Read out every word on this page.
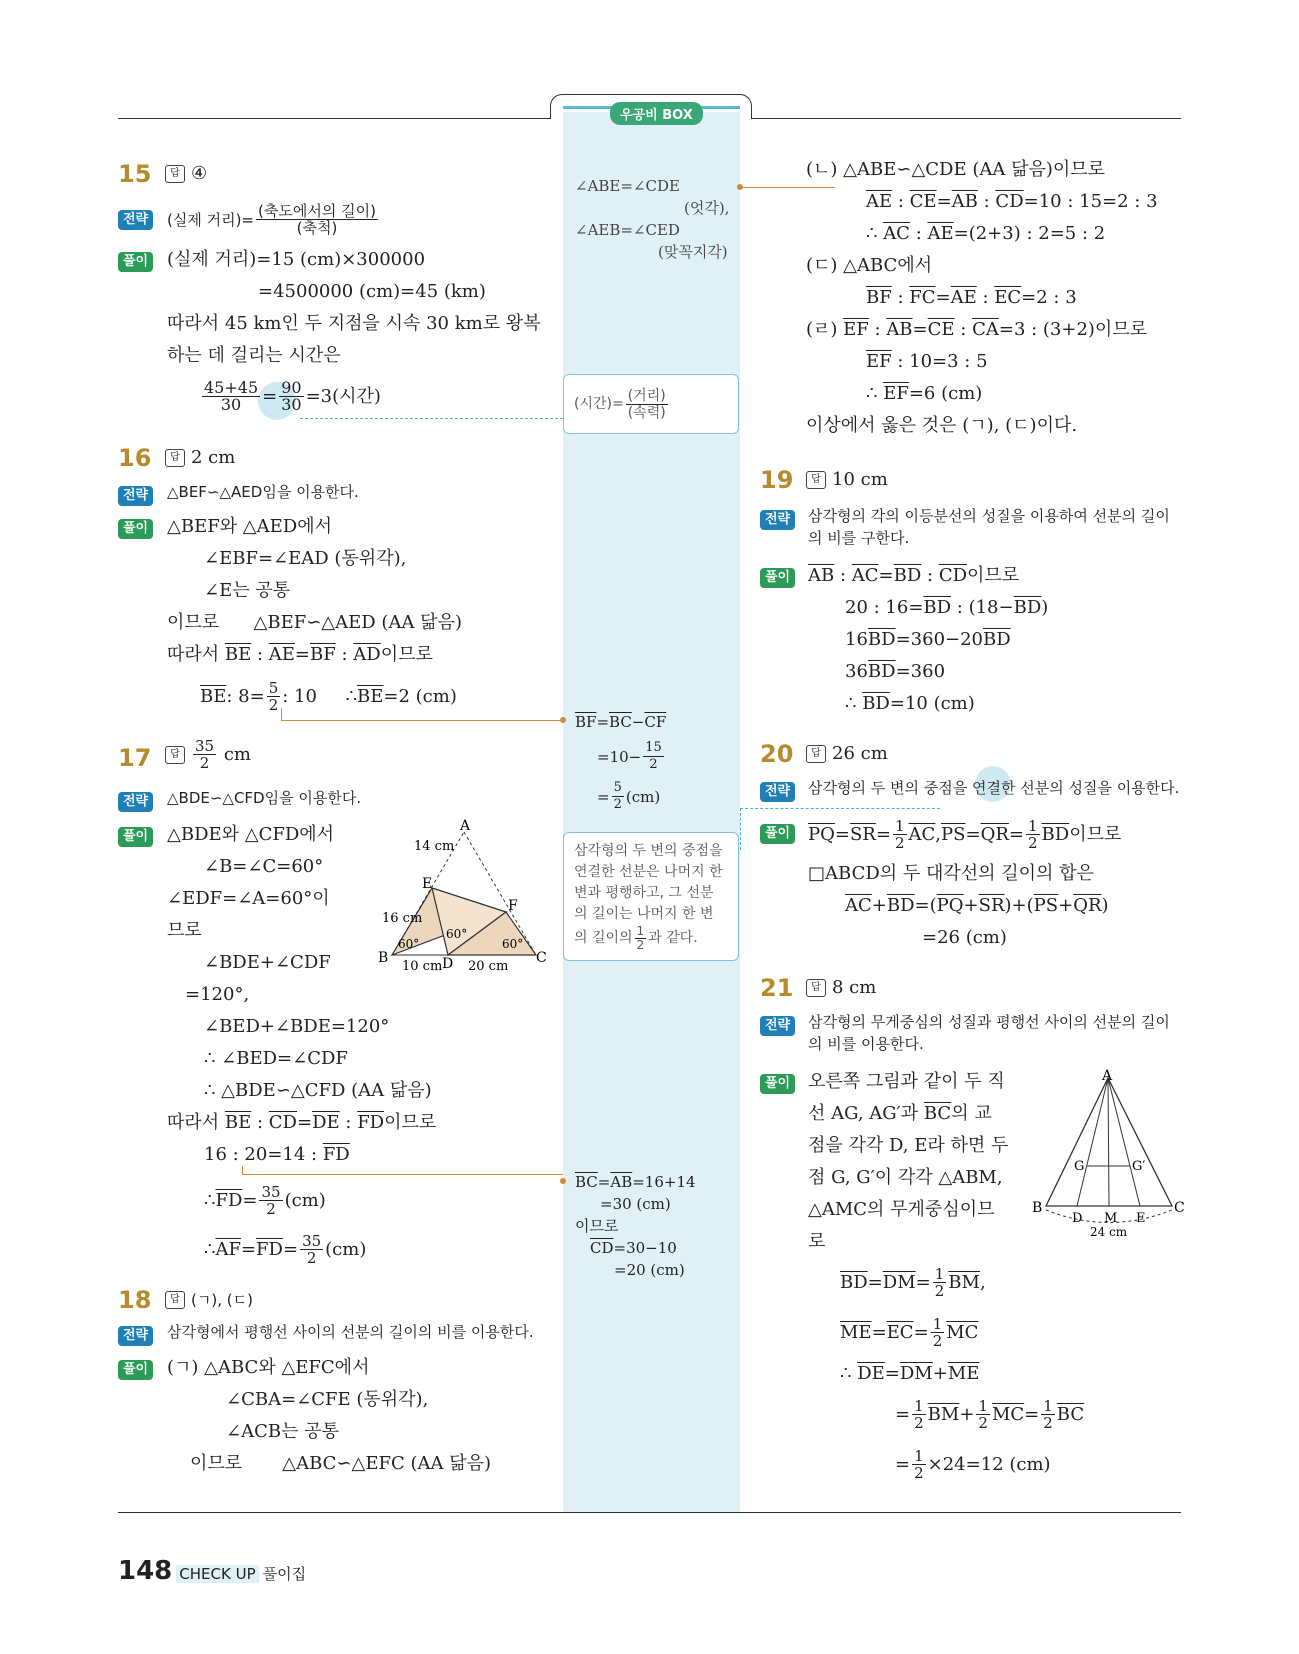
우공비 BOX
15	답 ④
전략	(실제 거리)= $\frac{\text{(축도에서의 길이)}}{\text{(축척)}}$
풀이 (실제 거리)=15 (cm)×300000
=4500000 (cm)=45 (km)
따라서 45 km인 두 지점을 시속 30 km로 왕복
하는 데 걸리는 시간은
$\frac{45+45}{30} = \frac{90}{30} =3$(시간)
16	답 2 cm
전략	△BEF∽△AED임을 이용한다.
풀이 △BEF와 △AED에서
∠EBF=∠EAD (동위각),
∠E는 공통
이므로 △BEF∽△AED (AA 닮음)
따라서 $\overline{BE}$ : $\overline{AE}=\overline{BF}$ : $\overline{AD}$이므로
$\overline{BE}$ : $8= \frac{5}{2}$ : 10
∴ $\overline{BE} =2$ (cm)
17	답 $\frac{35}{2}$
cm
전략	△BDE∽△CFD임을 이용한다.
풀이 △BDE와 △CFD에서
∠B=∠C=60°
∠EDF=∠A=60°이
므로
∠BDE+∠CDF
=120°,
∠BED+∠BDE=120°
∴ ∠BED=∠CDF
∴ △BDE∽△CFD (AA 닮음)
따라서 $\overline{BE}$ : $\overline{CD}=\overline{DE}$ : $\overline{FD}$이므로
16 : 20=14 : $\overline{FD}$
∴ $\overline{FD} = \frac{35}{2} (cm)$
∴ $\overline{AF} = \overline{FD} = \frac{35}{2} (cm)$
A
B	C
D
E
F
14 cm
16 cm
10 cm 20 cm
60°
60°
60°
18	답 (ㄱ), (ㄷ)
전략	삼각형에서 평행선 사이의 선분의 길이의 비를 이용한다.
풀이 (ㄱ) △ABC와 △EFC에서
∠CBA=∠CFE (동위각),
∠ACB는 공통
이므로 △ABC∽△EFC (AA 닮음)
∠ABE=∠CDE
(엇각),
∠AEB=∠CED
(맞꼭지각)
(시간)= $\frac{\text{(거리)}}{\text{(속력)}}$
$\overline{BF}=\overline{BC}-\overline{CF}$
$=10- \frac{15}{2}$
= $\frac{5}{2} (cm)$
삼각형의 두 변의 중점을
연결한 선분은 나머지 한
변과 평행하고, 그 선분
의 길이는 나머지 한 변
의 길이의 $\frac{1}{2}$ 과 같다.
$\overline{BC}=\overline{AB}=16+14$
=30 (cm)
이므로
$\overline{CD}=30-10$
=20 (cm)
(ㄴ) △ABE∽△CDE (AA 닮음)이므로
$\overline{AE}$ : $\overline{CE}=\overline{AB}$ : $\overline{CD}=10$ : 15=2 : 3
∴ $\overline{AC}$ : $\overline{AE}=(2+3)$ : 2=5 : 2
(ㄷ) △ABC에서
$\overline{BF}$ : $\overline{FC}=\overline{AE}$ : $\overline{EC}=2$ : 3
(ㄹ) $\overline{EF}$ : $\overline{AB}=\overline{CE}$ : $\overline{CA}=3$ : (3+2)이므로
$\overline{EF}$ : 10=3 : 5
∴ $\overline{EF}=6$ (cm)
이상에서 옳은 것은 (ㄱ), (ㄷ)이다.
19	답 10 cm
전략	삼각형의 각의 이등분선의 성질을 이용하여 선분의 길이
의 비를 구한다.
풀이 $\overline{AB}$ : $\overline{AC}=\overline{BD}$ : $\overline{CD}$이므로
20 : $16=\overline{BD}$ : $(18-\overline{BD})$
$16\overline{BD}=360-20\overline{BD}$
$36\overline{BD}=360$
∴ $\overline{BD}=10$ (cm)
20	답 26 cm
전략	삼각형의 두 변의 중점을 연결한 선분의 성질을 이용한다.
풀이 $\overline{PQ} = \overline{SR} = \frac{1}{2} \overline{AC}$ , $\overline{PS} = \overline{QR} = \frac{1}{2} \overline{BD}$ 이므로
□ABCD의 두 대각선의 길이의 합은
$\overline{AC}+\overline{BD}=(\overline{PQ}+\overline{SR})+(\overline{PS}+\overline{QR})$
=26 (cm)
21	답 8 cm
전략	삼각형의 무게중심의 성질과 평행선 사이의 선분의 길이
의 비를 이용한다.
풀이 오른쪽 그림과 같이 두 직
선 AG, AG′과 $\overline{BC}$의 교
점을 각각 D, E라 하면 두
점 G, G′이 각각 △ABM,
△AMC의 무게중심이므
로
A
B	C
D M E
G	G′
24 cm
$\overline{BD} = \overline{DM} = \frac{1}{2} \overline{BM}$ ,
$\overline{ME} = \overline{EC} = \frac{1}{2} \overline{MC}$
∴ $\overline{DE}=\overline{DM}+\overline{ME}$
= $\frac{1}{2} \overline{BM} + \frac{1}{2} \overline{MC} = \frac{1}{2} \overline{BC}$
= $\frac{1}{2} \times 24=12$ (cm)
148 CHECK UP 풀이집
